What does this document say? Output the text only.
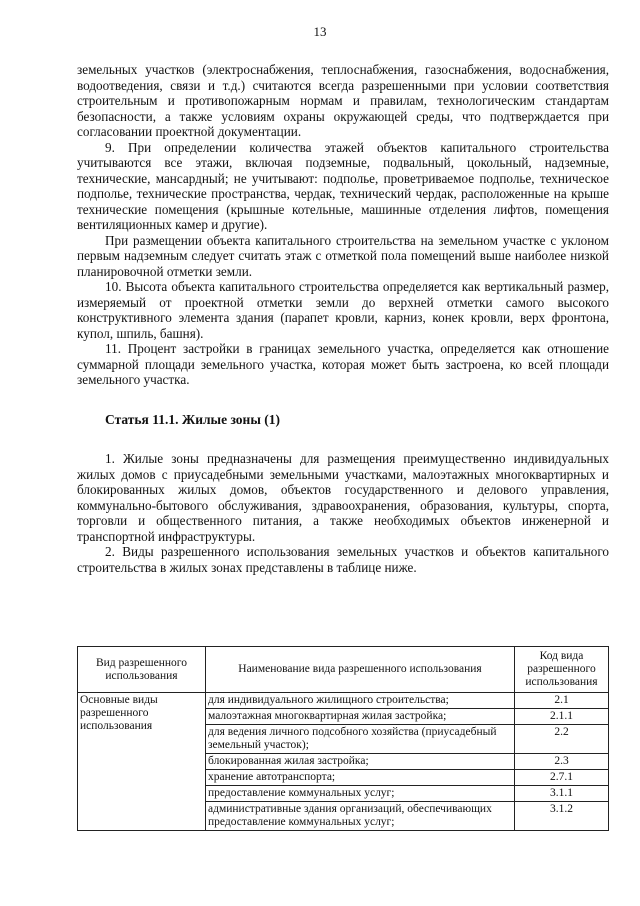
13

земельных участков (электроснабжения, теплоснабжения, газоснабжения, водоснабжения, водоотведения, связи и т.д.) считаются всегда разрешенными при условии соответствия строительным и противопожарным нормам и правилам, технологическим стандартам безопасности, а также условиям охраны окружающей среды, что подтверждается при согласовании проектной документации.

9. При определении количества этажей объектов капитального строительства учитываются все этажи, включая подземные, подвальный, цокольный, надземные, технические, мансардный; не учитывают: подполье, проветриваемое подполье, техническое подполье, технические пространства, чердак, технический чердак, расположенные на крыше технические помещения (крышные котельные, машинные отделения лифтов, помещения вентиляционных камер и другие).

При размещении объекта капитального строительства на земельном участке с уклоном первым надземным следует считать этаж с отметкой пола помещений выше наиболее низкой планировочной отметки земли.

10. Высота объекта капитального строительства определяется как вертикальный размер, измеряемый от проектной отметки земли до верхней отметки самого высокого конструктивного элемента здания (парапет кровли, карниз, конек кровли, верх фронтона, купол, шпиль, башня).

11. Процент застройки в границах земельного участка, определяется как отношение суммарной площади земельного участка, которая может быть застроена, ко всей площади земельного участка.

Статья 11.1. Жилые зоны (1)

1. Жилые зоны предназначены для размещения преимущественно индивидуальных жилых домов с приусадебными земельными участками, малоэтажных многоквартирных и блокированных жилых домов, объектов государственного и делового управления, коммунально-бытового обслуживания, здравоохранения, образования, культуры, спорта, торговли и общественного питания, а также необходимых объектов инженерной и транспортной инфраструктуры.

2. Виды разрешенного использования земельных участков и объектов капитального строительства в жилых зонах представлены в таблице ниже.

Вид разрешенного использования	Наименование вида разрешенного использования	Код вида разрешенного использования
Основные виды разрешенного использования	для индивидуального жилищного строительства;	2.1
	малоэтажная многоквартирная жилая застройка;	2.1.1
	для ведения личного подсобного хозяйства (приусадебный земельный участок);	2.2
	блокированная жилая застройка;	2.3
	хранение автотранспорта;	2.7.1
	предоставление коммунальных услуг;	3.1.1
	административные здания организаций, обеспечивающих предоставление коммунальных услуг;	3.1.2
